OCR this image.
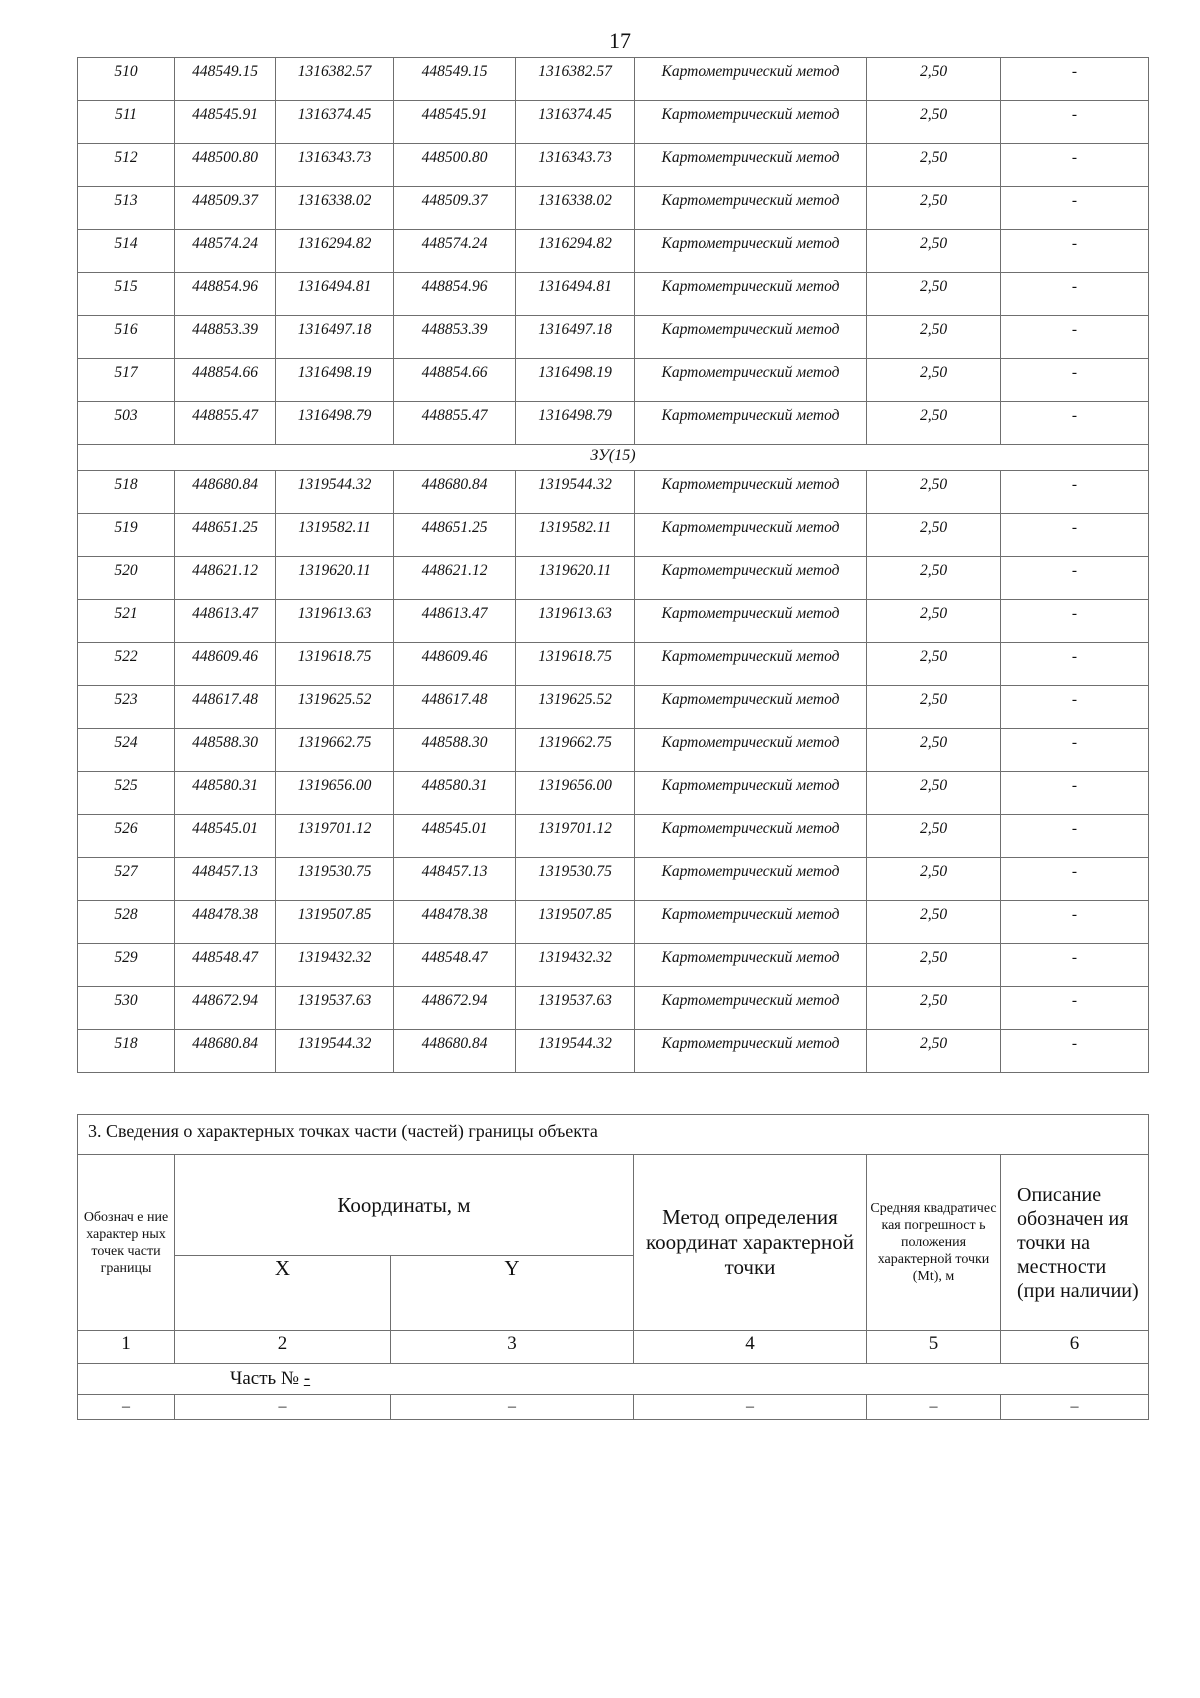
17
510	448549.15	1316382.57	448549.15	1316382.57	Картометрический метод	2,50	-
511	448545.91	1316374.45	448545.91	1316374.45	Картометрический метод	2,50	-
512	448500.80	1316343.73	448500.80	1316343.73	Картометрический метод	2,50	-
513	448509.37	1316338.02	448509.37	1316338.02	Картометрический метод	2,50	-
514	448574.24	1316294.82	448574.24	1316294.82	Картометрический метод	2,50	-
515	448854.96	1316494.81	448854.96	1316494.81	Картометрический метод	2,50	-
516	448853.39	1316497.18	448853.39	1316497.18	Картометрический метод	2,50	-
517	448854.66	1316498.19	448854.66	1316498.19	Картометрический метод	2,50	-
503	448855.47	1316498.79	448855.47	1316498.79	Картометрический метод	2,50	-
ЗУ(15)							
518	448680.84	1319544.32	448680.84	1319544.32	Картометрический метод	2,50	-
519	448651.25	1319582.11	448651.25	1319582.11	Картометрический метод	2,50	-
520	448621.12	1319620.11	448621.12	1319620.11	Картометрический метод	2,50	-
521	448613.47	1319613.63	448613.47	1319613.63	Картометрический метод	2,50	-
522	448609.46	1319618.75	448609.46	1319618.75	Картометрический метод	2,50	-
523	448617.48	1319625.52	448617.48	1319625.52	Картометрический метод	2,50	-
524	448588.30	1319662.75	448588.30	1319662.75	Картометрический метод	2,50	-
525	448580.31	1319656.00	448580.31	1319656.00	Картометрический метод	2,50	-
526	448545.01	1319701.12	448545.01	1319701.12	Картометрический метод	2,50	-
527	448457.13	1319530.75	448457.13	1319530.75	Картометрический метод	2,50	-
528	448478.38	1319507.85	448478.38	1319507.85	Картометрический метод	2,50	-
529	448548.47	1319432.32	448548.47	1319432.32	Картометрический метод	2,50	-
530	448672.94	1319537.63	448672.94	1319537.63	Картометрический метод	2,50	-
518	448680.84	1319544.32	448680.84	1319544.32	Картометрический метод	2,50	-
3. Сведения о характерных точках части (частей) границы объекта					
Обознач е ние характер ных точек части границы	Координаты, м		Метод определения координат характерной точки	Средняя квадратичес кая погрешност ь положения характерной точки (Mt), м	Описание обозначен ия точки на местности (при наличии)
	X	Y			
1	2	3	4	5	6
Часть № -					
–	–	–	–	–	–
